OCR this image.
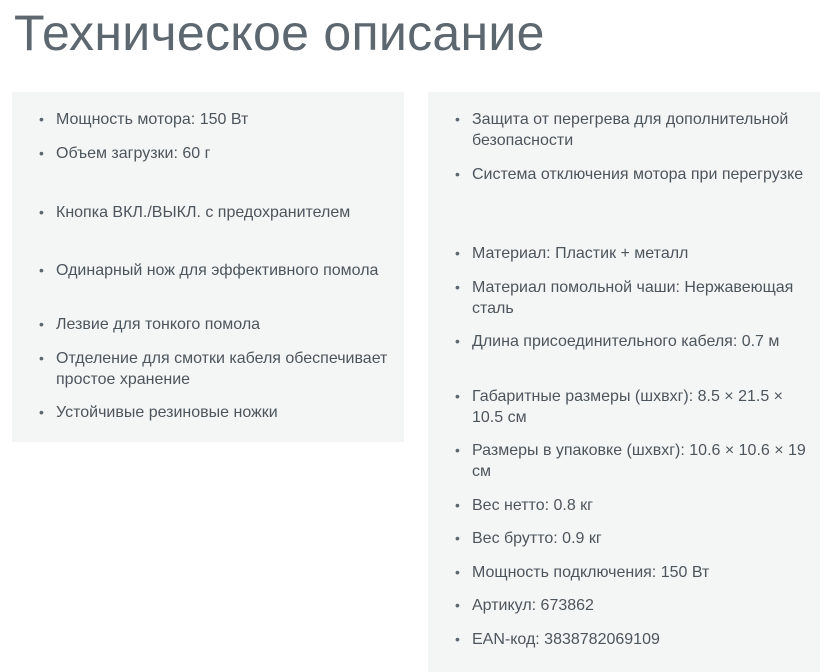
Техническое описание
• Мощность мотора: 150 Вт
• Объем загрузки: 60 г
• Кнопка ВКЛ./ВЫКЛ. с предохранителем
• Одинарный нож для эффективного помола
• Лезвие для тонкого помола
• Отделение для смотки кабеля обеспечивает простое хранение
• Устойчивые резиновые ножки
• Защита от перегрева для дополнительной безопасности
• Система отключения мотора при перегрузке
• Материал: Пластик + металл
• Материал помольной чаши: Нержавеющая сталь
• Длина присоединительного кабеля: 0.7 м
• Габаритные размеры (шхвхг): 8.5 × 21.5 × 10.5 см
• Размеры в упаковке (шхвхг): 10.6 × 10.6 × 19 см
• Вес нетто: 0.8 кг
• Вес брутто: 0.9 кг
• Мощность подключения: 150 Вт
• Артикул: 673862
• EAN-код: 3838782069109
